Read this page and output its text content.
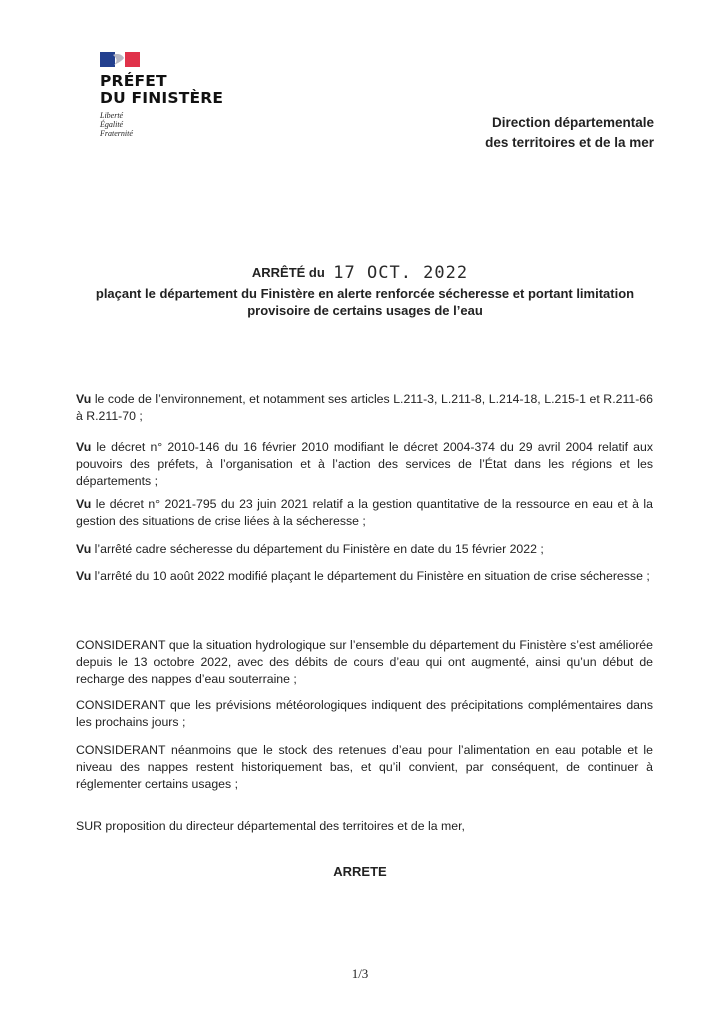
PRÉFET
DU FINISTÈRE
Liberté
Égalité
Fraternité
Direction départementale
des territoires et de la mer
ARRÊTÉ du 17 OCT. 2022
plaçant le département du Finistère en alerte renforcée sécheresse et portant limitation provisoire de certains usages de l’eau
Vu le code de l’environnement, et notamment ses articles L.211-3, L.211-8, L.214-18, L.215-1 et R.211-66 à R.211-70 ;
Vu le décret n° 2010-146 du 16 février 2010 modifiant le décret 2004-374 du 29 avril 2004 relatif aux pouvoirs des préfets, à l’organisation et à l’action des services de l’État dans les régions et les départements ;
Vu le décret n° 2021-795 du 23 juin 2021 relatif a la gestion quantitative de la ressource en eau et à la gestion des situations de crise liées à la sécheresse ;
Vu l’arrêté cadre sécheresse du département du Finistère en date du 15 février 2022 ;
Vu l’arrêté du 10 août 2022 modifié plaçant le département du Finistère en situation de crise sécheresse ;
CONSIDERANT que la situation hydrologique sur l’ensemble du département du Finistère s’est améliorée depuis le 13 octobre 2022, avec des débits de cours d’eau qui ont augmenté, ainsi qu’un début de recharge des nappes d’eau souterraine ;
CONSIDERANT que les prévisions météorologiques indiquent des précipitations complémentaires dans les prochains jours ;
CONSIDERANT néanmoins que le stock des retenues d’eau pour l’alimentation en eau potable et le niveau des nappes restent historiquement bas, et qu’il convient, par conséquent, de continuer à réglementer certains usages ;
SUR proposition du directeur départemental des territoires et de la mer,
ARRETE
1/3
